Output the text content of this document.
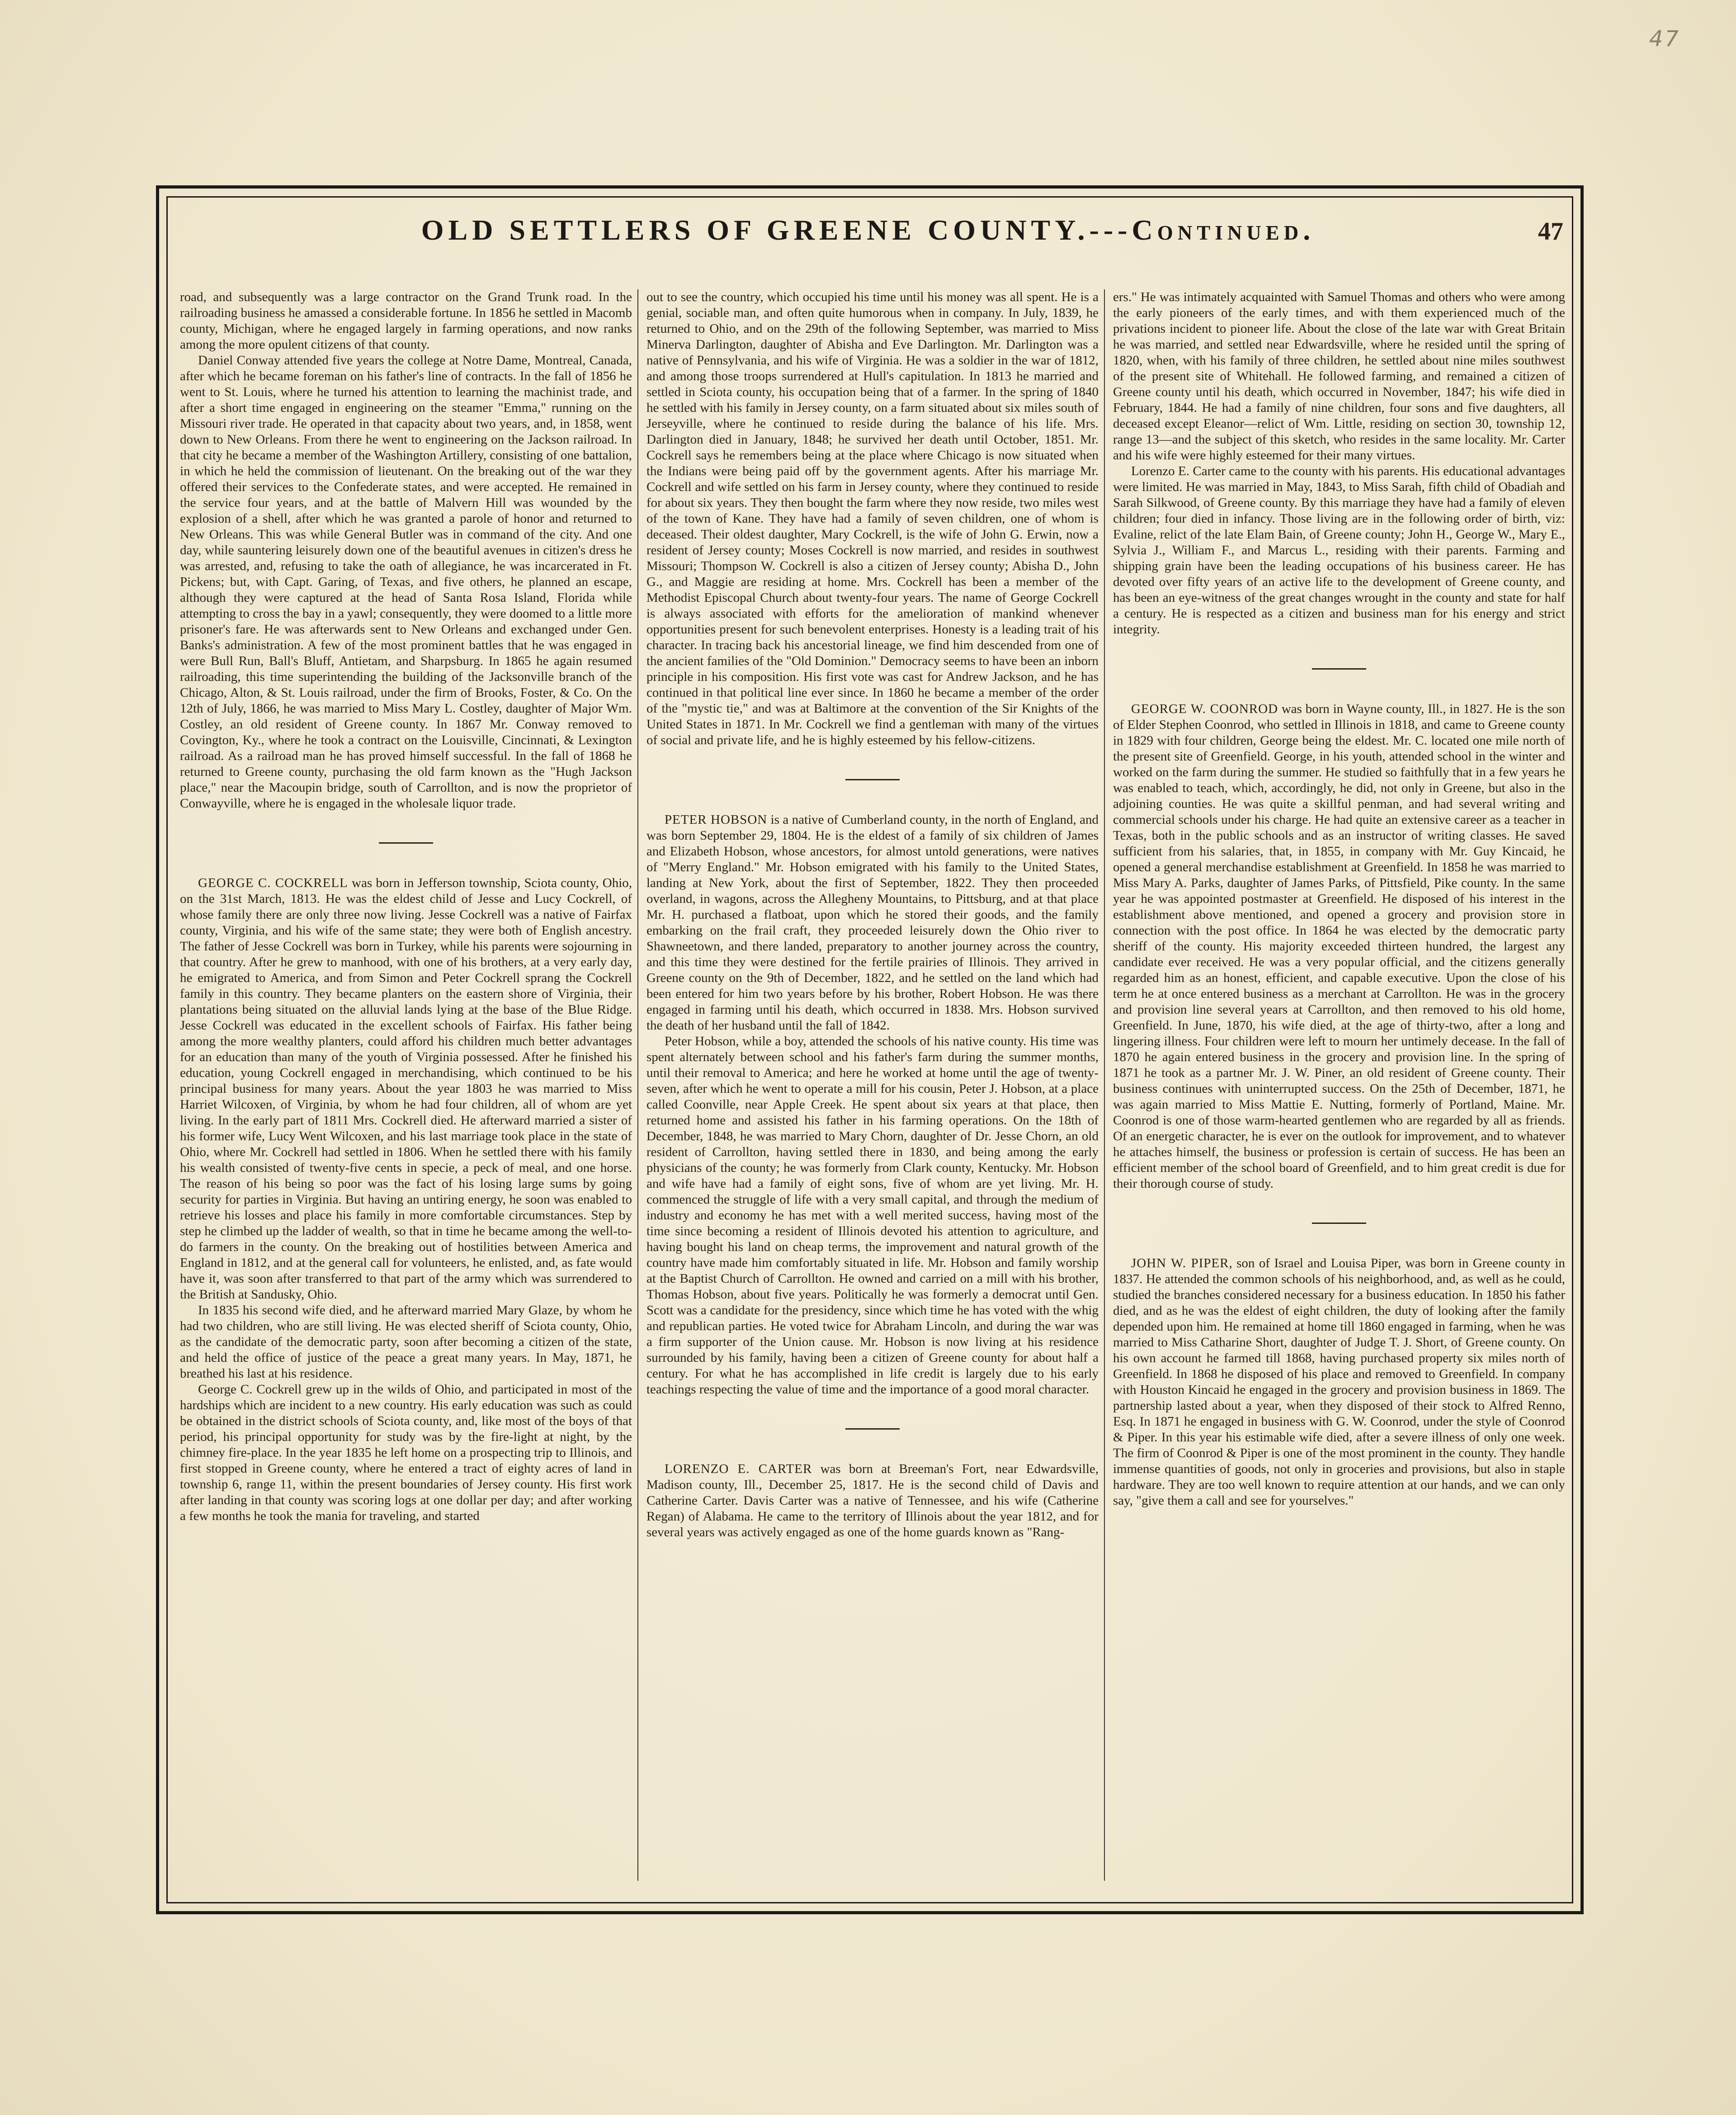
47
OLD SETTLERS OF GREENE COUNTY.---Continued.	47

road, and subsequently was a large contractor on the Grand Trunk road. In the railroading business he amassed a considerable fortune. In 1856 he settled in Macomb county, Michigan, where he engaged largely in farming operations, and now ranks among the more opulent citizens of that county.

Daniel Conway attended five years the college at Notre Dame, Montreal, Canada, after which he became foreman on his father's line of contracts. In the fall of 1856 he went to St. Louis, where he turned his attention to learning the machinist trade, and after a short time engaged in engineering on the steamer "Emma," running on the Missouri river trade. He operated in that capacity about two years, and, in 1858, went down to New Orleans. From there he went to engineering on the Jackson railroad. In that city he became a member of the Washington Artillery, consisting of one battalion, in which he held the commission of lieutenant. On the breaking out of the war they offered their services to the Confederate states, and were accepted. He remained in the service four years, and at the battle of Malvern Hill was wounded by the explosion of a shell, after which he was granted a parole of honor and returned to New Orleans. This was while General Butler was in command of the city. And one day, while sauntering leisurely down one of the beautiful avenues in citizen's dress he was arrested, and, refusing to take the oath of allegiance, he was incarcerated in Ft. Pickens; but, with Capt. Garing, of Texas, and five others, he planned an escape, although they were captured at the head of Santa Rosa Island, Florida while attempting to cross the bay in a yawl; consequently, they were doomed to a little more prisoner's fare. He was afterwards sent to New Orleans and exchanged under Gen. Banks's administration. A few of the most prominent battles that he was engaged in were Bull Run, Ball's Bluff, Antietam, and Sharpsburg. In 1865 he again resumed railroading, this time superintending the building of the Jacksonville branch of the Chicago, Alton, & St. Louis railroad, under the firm of Brooks, Foster, & Co. On the 12th of July, 1866, he was married to Miss Mary L. Costley, daughter of Major Wm. Costley, an old resident of Greene county. In 1867 Mr. Conway removed to Covington, Ky., where he took a contract on the Louisville, Cincinnati, & Lexington railroad. As a railroad man he has proved himself successful. In the fall of 1868 he returned to Greene county, purchasing the old farm known as the "Hugh Jackson place," near the Macoupin bridge, south of Carrollton, and is now the proprietor of Conwayville, where he is engaged in the wholesale liquor trade.

GEORGE C. COCKRELL was born in Jefferson township, Sciota county, Ohio, on the 31st March, 1813. He was the eldest child of Jesse and Lucy Cockrell, of whose family there are only three now living. Jesse Cockrell was a native of Fairfax county, Virginia, and his wife of the same state; they were both of English ancestry. The father of Jesse Cockrell was born in Turkey, while his parents were sojourning in that country. After he grew to manhood, with one of his brothers, at a very early day, he emigrated to America, and from Simon and Peter Cockrell sprang the Cockrell family in this country. They became planters on the eastern shore of Virginia, their plantations being situated on the alluvial lands lying at the base of the Blue Ridge. Jesse Cockrell was educated in the excellent schools of Fairfax. His father being among the more wealthy planters, could afford his children much better advantages for an education than many of the youth of Virginia possessed. After he finished his education, young Cockrell engaged in merchandising, which continued to be his principal business for many years. About the year 1803 he was married to Miss Harriet Wilcoxen, of Virginia, by whom he had four children, all of whom are yet living. In the early part of 1811 Mrs. Cockrell died. He afterward married a sister of his former wife, Lucy Went Wilcoxen, and his last marriage took place in the state of Ohio, where Mr. Cockrell had settled in 1806. When he settled there with his family his wealth consisted of twenty-five cents in specie, a peck of meal, and one horse. The reason of his being so poor was the fact of his losing large sums by going security for parties in Virginia. But having an untiring energy, he soon was enabled to retrieve his losses and place his family in more comfortable circumstances. Step by step he climbed up the ladder of wealth, so that in time he became among the well-to-do farmers in the county. On the breaking out of hostilities between America and England in 1812, and at the general call for volunteers, he enlisted, and, as fate would have it, was soon after transferred to that part of the army which was surrendered to the British at Sandusky, Ohio.

In 1835 his second wife died, and he afterward married Mary Glaze, by whom he had two children, who are still living. He was elected sheriff of Sciota county, Ohio, as the candidate of the democratic party, soon after becoming a citizen of the state, and held the office of justice of the peace a great many years. In May, 1871, he breathed his last at his residence.

George C. Cockrell grew up in the wilds of Ohio, and participated in most of the hardships which are incident to a new country. His early education was such as could be obtained in the district schools of Sciota county, and, like most of the boys of that period, his principal opportunity for study was by the fire-light at night, by the chimney fire-place. In the year 1835 he left home on a prospecting trip to Illinois, and first stopped in Greene county, where he entered a tract of eighty acres of land in township 6, range 11, within the present boundaries of Jersey county. His first work after landing in that county was scoring logs at one dollar per day; and after working a few months he took the mania for traveling, and started

out to see the country, which occupied his time until his money was all spent. He is a genial, sociable man, and often quite humorous when in company. In July, 1839, he returned to Ohio, and on the 29th of the following September, was married to Miss Minerva Darlington, daughter of Abisha and Eve Darlington. Mr. Darlington was a native of Pennsylvania, and his wife of Virginia. He was a soldier in the war of 1812, and among those troops surrendered at Hull's capitulation. In 1813 he married and settled in Sciota county, his occupation being that of a farmer. In the spring of 1840 he settled with his family in Jersey county, on a farm situated about six miles south of Jerseyville, where he continued to reside during the balance of his life. Mrs. Darlington died in January, 1848; he survived her death until October, 1851. Mr. Cockrell says he remembers being at the place where Chicago is now situated when the Indians were being paid off by the government agents. After his marriage Mr. Cockrell and wife settled on his farm in Jersey county, where they continued to reside for about six years. They then bought the farm where they now reside, two miles west of the town of Kane. They have had a family of seven children, one of whom is deceased. Their oldest daughter, Mary Cockrell, is the wife of John G. Erwin, now a resident of Jersey county; Moses Cockrell is now married, and resides in southwest Missouri; Thompson W. Cockrell is also a citizen of Jersey county; Abisha D., John G., and Maggie are residing at home. Mrs. Cockrell has been a member of the Methodist Episcopal Church about twenty-four years. The name of George Cockrell is always associated with efforts for the amelioration of mankind whenever opportunities present for such benevolent enterprises. Honesty is a leading trait of his character. In tracing back his ancestorial lineage, we find him descended from one of the ancient families of the "Old Dominion." Democracy seems to have been an inborn principle in his composition. His first vote was cast for Andrew Jackson, and he has continued in that political line ever since. In 1860 he became a member of the order of the "mystic tie," and was at Baltimore at the convention of the Sir Knights of the United States in 1871. In Mr. Cockrell we find a gentleman with many of the virtues of social and private life, and he is highly esteemed by his fellow-citizens.

PETER HOBSON is a native of Cumberland county, in the north of England, and was born September 29, 1804. He is the eldest of a family of six children of James and Elizabeth Hobson, whose ancestors, for almost untold generations, were natives of "Merry England." Mr. Hobson emigrated with his family to the United States, landing at New York, about the first of September, 1822. They then proceeded overland, in wagons, across the Allegheny Mountains, to Pittsburg, and at that place Mr. H. purchased a flatboat, upon which he stored their goods, and the family embarking on the frail craft, they proceeded leisurely down the Ohio river to Shawneetown, and there landed, preparatory to another journey across the country, and this time they were destined for the fertile prairies of Illinois. They arrived in Greene county on the 9th of December, 1822, and he settled on the land which had been entered for him two years before by his brother, Robert Hobson. He was there engaged in farming until his death, which occurred in 1838. Mrs. Hobson survived the death of her husband until the fall of 1842.

Peter Hobson, while a boy, attended the schools of his native county. His time was spent alternately between school and his father's farm during the summer months, until their removal to America; and here he worked at home until the age of twenty-seven, after which he went to operate a mill for his cousin, Peter J. Hobson, at a place called Coonville, near Apple Creek. He spent about six years at that place, then returned home and assisted his father in his farming operations. On the 18th of December, 1848, he was married to Mary Chorn, daughter of Dr. Jesse Chorn, an old resident of Carrollton, having settled there in 1830, and being among the early physicians of the county; he was formerly from Clark county, Kentucky. Mr. Hobson and wife have had a family of eight sons, five of whom are yet living. Mr. H. commenced the struggle of life with a very small capital, and through the medium of industry and economy he has met with a well merited success, having most of the time since becoming a resident of Illinois devoted his attention to agriculture, and having bought his land on cheap terms, the improvement and natural growth of the country have made him comfortably situated in life. Mr. Hobson and family worship at the Baptist Church of Carrollton. He owned and carried on a mill with his brother, Thomas Hobson, about five years. Politically he was formerly a democrat until Gen. Scott was a candidate for the presidency, since which time he has voted with the whig and republican parties. He voted twice for Abraham Lincoln, and during the war was a firm supporter of the Union cause. Mr. Hobson is now living at his residence surrounded by his family, having been a citizen of Greene county for about half a century. For what he has accomplished in life credit is largely due to his early teachings respecting the value of time and the importance of a good moral character.

LORENZO E. CARTER was born at Breeman's Fort, near Edwardsville, Madison county, Ill., December 25, 1817. He is the second child of Davis and Catherine Carter. Davis Carter was a native of Tennessee, and his wife (Catherine Regan) of Alabama. He came to the territory of Illinois about the year 1812, and for several years was actively engaged as one of the home guards known as "Rang-

ers." He was intimately acquainted with Samuel Thomas and others who were among the early pioneers of the early times, and with them experienced much of the privations incident to pioneer life. About the close of the late war with Great Britain he was married, and settled near Edwardsville, where he resided until the spring of 1820, when, with his family of three children, he settled about nine miles southwest of the present site of Whitehall. He followed farming, and remained a citizen of Greene county until his death, which occurred in November, 1847; his wife died in February, 1844. He had a family of nine children, four sons and five daughters, all deceased except Eleanor—relict of Wm. Little, residing on section 30, township 12, range 13—and the subject of this sketch, who resides in the same locality. Mr. Carter and his wife were highly esteemed for their many virtues.

Lorenzo E. Carter came to the county with his parents. His educational advantages were limited. He was married in May, 1843, to Miss Sarah, fifth child of Obadiah and Sarah Silkwood, of Greene county. By this marriage they have had a family of eleven children; four died in infancy. Those living are in the following order of birth, viz: Evaline, relict of the late Elam Bain, of Greene county; John H., George W., Mary E., Sylvia J., William F., and Marcus L., residing with their parents. Farming and shipping grain have been the leading occupations of his business career. He has devoted over fifty years of an active life to the development of Greene county, and has been an eye-witness of the great changes wrought in the county and state for half a century. He is respected as a citizen and business man for his energy and strict integrity.

GEORGE W. COONROD was born in Wayne county, Ill., in 1827. He is the son of Elder Stephen Coonrod, who settled in Illinois in 1818, and came to Greene county in 1829 with four children, George being the eldest. Mr. C. located one mile north of the present site of Greenfield. George, in his youth, attended school in the winter and worked on the farm during the summer. He studied so faithfully that in a few years he was enabled to teach, which, accordingly, he did, not only in Greene, but also in the adjoining counties. He was quite a skillful penman, and had several writing and commercial schools under his charge. He had quite an extensive career as a teacher in Texas, both in the public schools and as an instructor of writing classes. He saved sufficient from his salaries, that, in 1855, in company with Mr. Guy Kincaid, he opened a general merchandise establishment at Greenfield. In 1858 he was married to Miss Mary A. Parks, daughter of James Parks, of Pittsfield, Pike county. In the same year he was appointed postmaster at Greenfield. He disposed of his interest in the establishment above mentioned, and opened a grocery and provision store in connection with the post office. In 1864 he was elected by the democratic party sheriff of the county. His majority exceeded thirteen hundred, the largest any candidate ever received. He was a very popular official, and the citizens generally regarded him as an honest, efficient, and capable executive. Upon the close of his term he at once entered business as a merchant at Carrollton. He was in the grocery and provision line several years at Carrollton, and then removed to his old home, Greenfield. In June, 1870, his wife died, at the age of thirty-two, after a long and lingering illness. Four children were left to mourn her untimely decease. In the fall of 1870 he again entered business in the grocery and provision line. In the spring of 1871 he took as a partner Mr. J. W. Piner, an old resident of Greene county. Their business continues with uninterrupted success. On the 25th of December, 1871, he was again married to Miss Mattie E. Nutting, formerly of Portland, Maine. Mr. Coonrod is one of those warm-hearted gentlemen who are regarded by all as friends. Of an energetic character, he is ever on the outlook for improvement, and to whatever he attaches himself, the business or profession is certain of success. He has been an efficient member of the school board of Greenfield, and to him great credit is due for their thorough course of study.

JOHN W. PIPER, son of Israel and Louisa Piper, was born in Greene county in 1837. He attended the common schools of his neighborhood, and, as well as he could, studied the branches considered necessary for a business education. In 1850 his father died, and as he was the eldest of eight children, the duty of looking after the family depended upon him. He remained at home till 1860 engaged in farming, when he was married to Miss Catharine Short, daughter of Judge T. J. Short, of Greene county. On his own account he farmed till 1868, having purchased property six miles north of Greenfield. In 1868 he disposed of his place and removed to Greenfield. In company with Houston Kincaid he engaged in the grocery and provision business in 1869. The partnership lasted about a year, when they disposed of their stock to Alfred Renno, Esq. In 1871 he engaged in business with G. W. Coonrod, under the style of Coonrod & Piper. In this year his estimable wife died, after a severe illness of only one week. The firm of Coonrod & Piper is one of the most prominent in the county. They handle immense quantities of goods, not only in groceries and provisions, but also in staple hardware. They are too well known to require attention at our hands, and we can only say, "give them a call and see for yourselves."
